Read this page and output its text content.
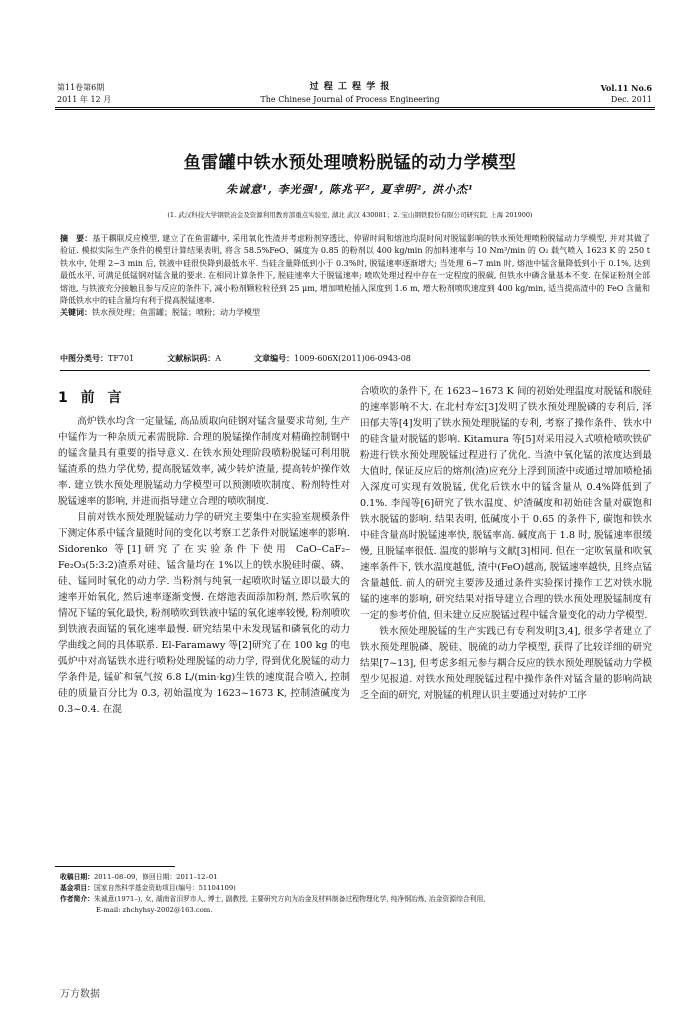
第11卷第6期
2011 年 12 月
过 程 工 程 学 报
The Chinese Journal of Process Engineering
Vol.11 No.6
Dec. 2011
鱼雷罐中铁水预处理喷粉脱锰的动力学模型
朱诚意¹, 李光强¹, 陈兆平², 夏幸明², 洪小杰¹
(1. 武汉科技大学钢铁冶金及资源利用教育部重点实验室, 湖北 武汉 430081；2. 宝山钢铁股份有限公司研究院, 上海 201900)

摘　要：基于耦联反应模型, 建立了在鱼雷罐中, 采用氧化性渣并考虑粉剂穿透比、停留时间和熔池均混时间对脱锰影响的铁水预处理喷粉脱锰动力学模型, 并对其做了验证. 模拟实际生产条件的模型计算结果表明, 将含 58.5%FeO、碱度为 0.85 的粉剂以 400 kg/min 的加料速率与 10 Nm³/min 的 O₂ 载气喷入 1623 K 的 250 t 铁水中, 处理 2~3 min 后, 铁液中硅很快降到最低水平. 当硅含量降低到小于 0.3%时, 脱锰速率逐渐增大; 当处理 6~7 min 时, 熔池中锰含量降低到小于 0.1%, 达到最低水平, 可满足低锰钢对锰含量的要求. 在相同计算条件下, 脱硅速率大于脱锰速率; 喷吹处理过程中存在一定程度的脱碳, 但铁水中磷含量基本不变. 在保证粉剂全部熔池, 与铁液充分接触且参与反应的条件下, 减小粉剂颗粒粒径到 25 μm, 增加喷枪插入深度到 1.6 m, 增大粉剂喷吹速度到 400 kg/min, 适当提高渣中的 FeO 含量和降低铁水中的硅含量均有利于提高脱锰速率.

关键词：铁水预处理；鱼雷罐；脱锰；喷粉；动力学模型

中图分类号：TF701	文献标识码：A	文章编号：1009-606X(2011)06-0943-08
1 前 言

高炉铁水均含一定量锰, 高品质取向硅钢对锰含量要求苛刻, 生产中锰作为一种杂质元素需脱除. 合理的脱锰操作制度对精确控制钢中的锰含量具有重要的指导意义. 在铁水预处理阶段喷粉脱锰可利用脱锰渣系的热力学优势, 提高脱锰效率, 减少转炉渣量, 提高转炉操作效率. 建立铁水预处理脱锰动力学模型可以预测喷吹制度、粉剂特性对脱锰速率的影响, 并进而指导建立合理的喷吹制度.

目前对铁水预处理脱锰动力学的研究主要集中在实验室规模条件下测定体系中锰含量随时间的变化以考察工艺条件对脱锰速率的影响. Sidorenko 等[1]研究了在实验条件下使用 CaO–CaF₂–Fe₂O₃(5:3:2)渣系对硅、锰含量均在 1%以上的铁水脱硅时碳、磷、硅、锰同时氧化的动力学. 当粉剂与纯氧一起喷吹时锰立即以最大的速率开始氧化, 然后速率逐渐变慢. 在熔池表面添加粉剂, 然后吹氧的情况下锰的氧化最快, 粉剂喷吹到铁液中锰的氧化速率较慢, 粉剂喷吹到铁液表面锰的氧化速率最慢. 研究结果中未发现锰和磷氧化的动力学曲线之间的具体联系. El-Faramawy 等[2]研究了在 100 kg 的电弧炉中对高锰铁水进行喷粉处理脱锰的动力学, 得到优化脱锰的动力学条件是, 锰矿和氧气按 6.8 L/(min·kg)生铁的速度混合喷入, 控制硅的质量百分比为 0.3, 初始温度为 1623~1673 K, 控制渣碱度为 0.3~0.4. 在混

合喷吹的条件下, 在 1623~1673 K 间的初始处理温度对脱锰和脱硅的速率影响不大. 在北村寿宏[3]发明了铁水预处理脱磷的专利后, 泽田郁夫等[4]发明了铁水预处理脱锰的专利, 考察了操作条件、铁水中的硅含量对脱锰的影响. Kitamura 等[5]对采用浸入式喷枪喷吹铁矿粉进行铁水预处理脱锰过程进行了优化. 当渣中氧化锰的浓度达到最大值时, 保证反应后的熔剂(渣)应充分上浮到顶渣中或通过增加喷枪插入深度可实现有效脱锰, 优化后铁水中的锰含量从 0.4%降低到了 0.1%. 李闯等[6]研究了铁水温度、炉渣碱度和初始硅含量对碳饱和铁水脱锰的影响. 结果表明, 低碱度小于 0.65 的条件下, 碳饱和铁水中硅含量高时脱锰速率快, 脱锰率高. 碱度高于 1.8 时, 脱锰速率很缓慢, 且脱锰率很低. 温度的影响与文献[3]相同. 但在一定吹氧量和吹氧速率条件下, 铁水温度越低, 渣中(FeO)越高, 脱锰速率越快, 且终点锰含量越低. 前人的研究主要涉及通过条件实验探讨操作工艺对铁水脱锰的速率的影响, 研究结果对指导建立合理的铁水预处理脱锰制度有一定的参考价值, 但未建立反应脱锰过程中锰含量变化的动力学模型.

铁水预处理脱锰的生产实践已有专利发明[3,4], 很多学者建立了铁水预处理脱磷、脱硅、脱硫的动力学模型, 获得了比较详细的研究结果[7~13], 但考虑多组元参与耦合反应的铁水预处理脱锰动力学模型少见报道. 对铁水预处理脱锰过程中操作条件对锰含量的影响尚缺乏全面的研究, 对脱锰的机理认识主要通过对转炉工序

收稿日期：2011–08–09，修回日期：2011–12–01
基金项目：国家自然科学基金资助项目(编号：51104109)
作者简介：朱诚意(1971–), 女, 湖南省汨罗市人, 博士, 副教授, 主要研究方向为冶金及材料制备过程物理化学, 纯净钢冶炼, 冶金资源综合利用,
E-mail: zhchyhsy-2002@163.com.
万方数据
